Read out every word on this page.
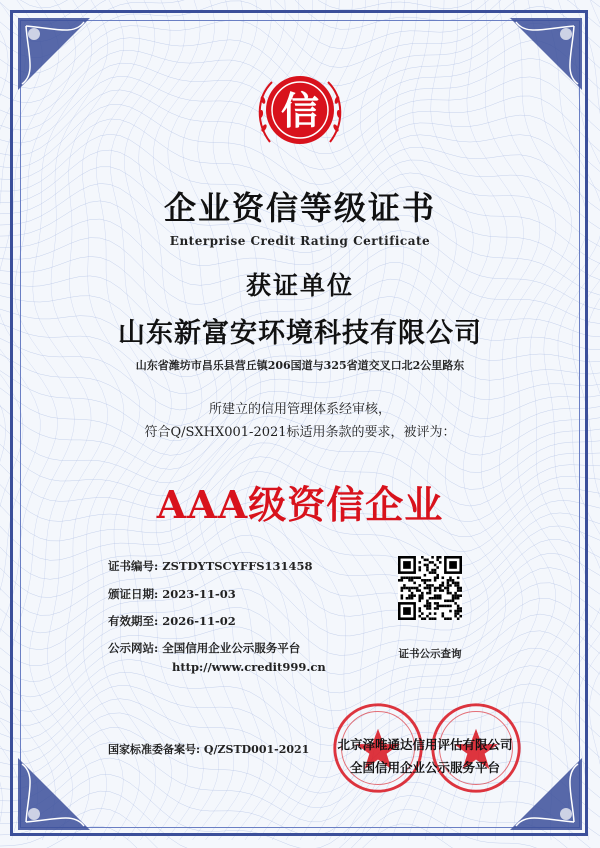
信
企业资信等级证书
Enterprise Credit Rating Certificate
获证单位
山东新富安环境科技有限公司
山东省潍坊市昌乐县营丘镇206国道与325省道交叉口北2公里路东
所建立的信用管理体系经审核，
符合Q/SXHX001-2021标适用条款的要求，被评为：
AAA级资信企业
证书编号: ZSTDYTSCYFFS131458
颁证日期: 2023-11-03
有效期至: 2026-11-02
公示网站: 全国信用企业公示服务平台
http://www.credit999.cn
证书公示查询
国家标准委备案号: Q/ZSTD001-2021	北京泽唯通达信用评估有限公司
全国信用企业公示服务平台
